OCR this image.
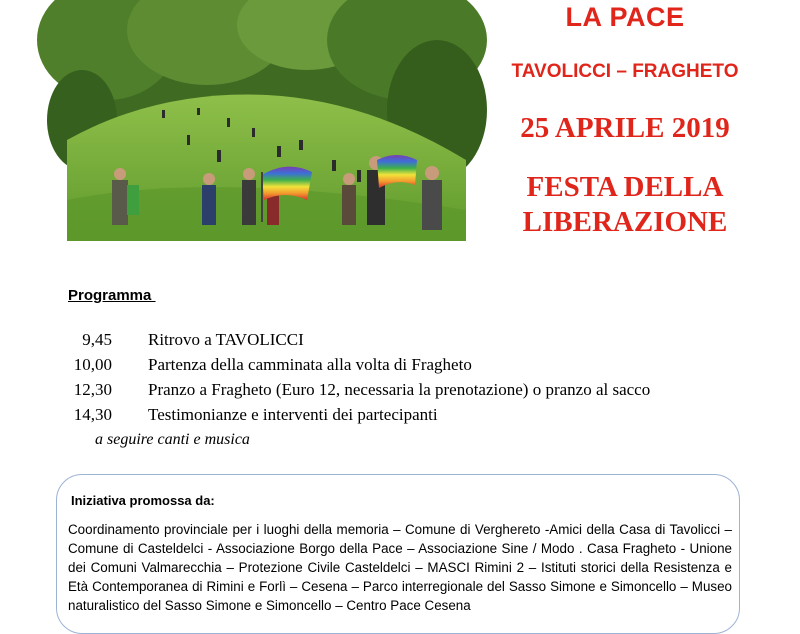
LA PACE
TAVOLICCI – FRAGHETO
25 APRILE 2019
FESTA DELLA
LIBERAZIONE
Programma
9,45 Ritrovo a TAVOLICCI
10,00 Partenza della camminata alla volta di Fragheto
12,30 Pranzo a Fragheto (Euro 12, necessaria la prenotazione) o pranzo al sacco
14,30 Testimonianze e interventi dei partecipanti
a seguire canti e musica
Iniziativa promossa da:
Coordinamento provinciale per i luoghi della memoria – Comune di Verghereto -Amici della Casa di Tavolicci – Comune di Casteldelci - Associazione Borgo della Pace – Associazione Sine / Modo . Casa Fragheto - Unione dei Comuni Valmarecchia – Protezione Civile Casteldelci – MASCI Rimini 2 – Istituti storici della Resistenza e Età Contemporanea di Rimini e Forlì – Cesena – Parco interregionale del Sasso Simone e Simoncello – Museo naturalistico del Sasso Simone e Simoncello – Centro Pace Cesena
